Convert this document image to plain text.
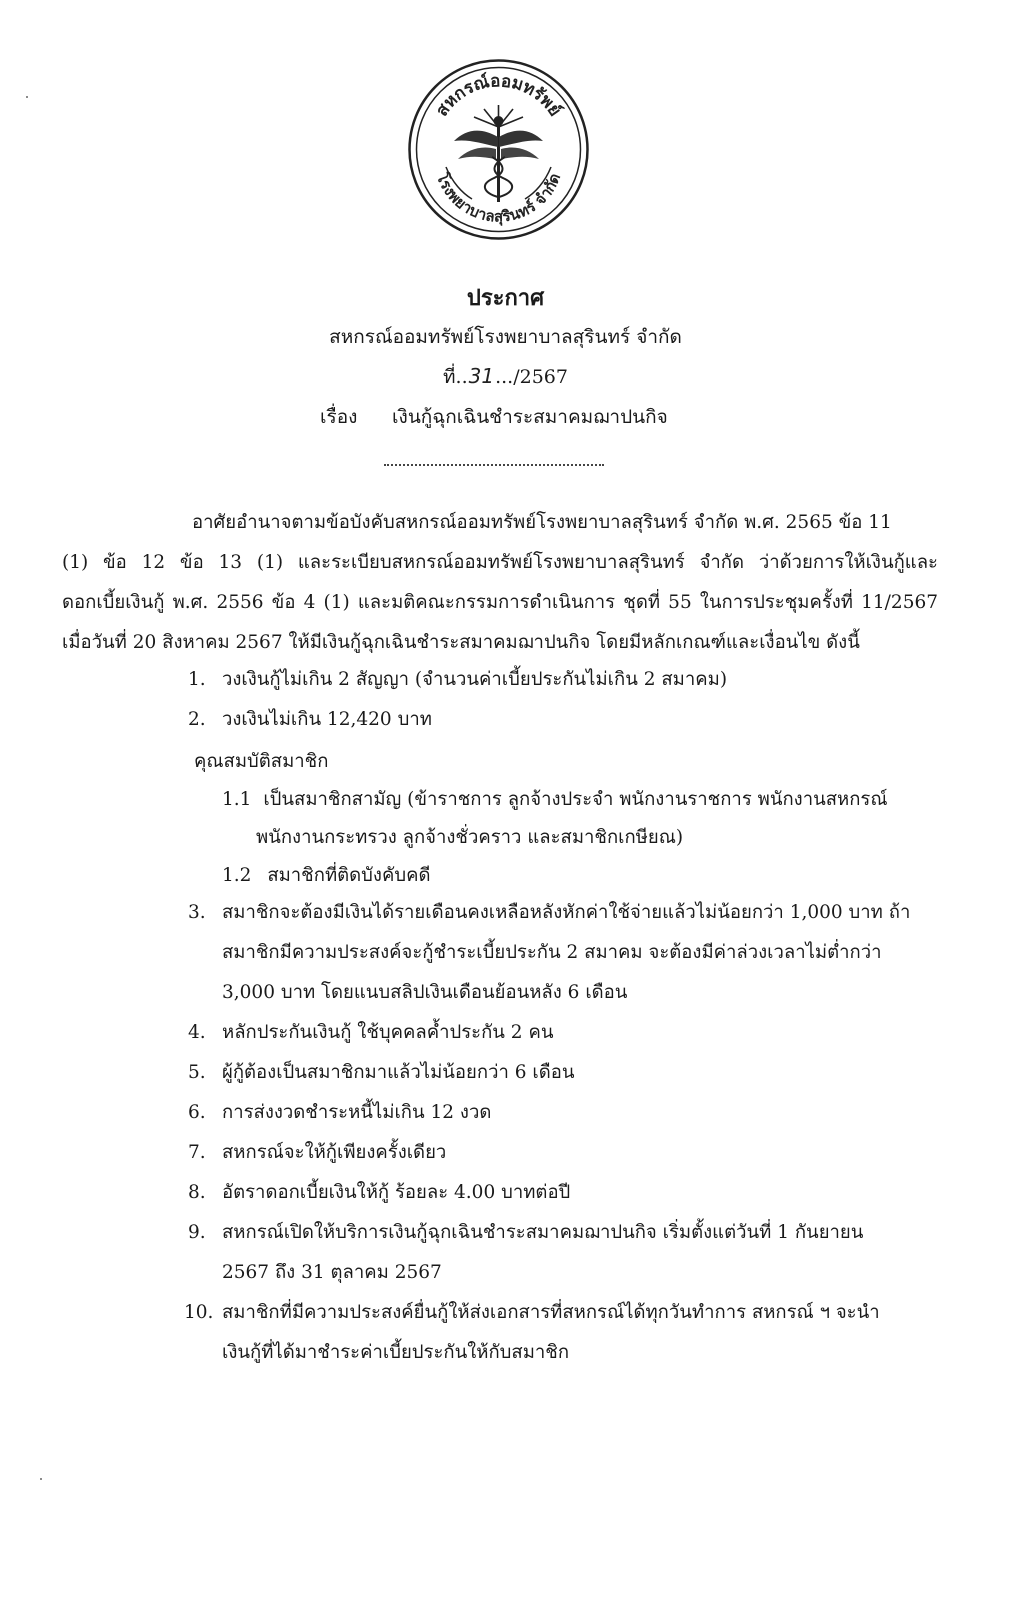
สหกรณ์ออมทรัพย์
โรงพยาบาลสุรินทร์ จำกัด
ประกาศ
สหกรณ์ออมทรัพย์โรงพยาบาลสุรินทร์ จำกัด
ที่..31.../2567
เรื่อง เงินกู้ฉุกเฉินชำระสมาคมฌาปนกิจ
อาศัยอำนาจตามข้อบังคับสหกรณ์ออมทรัพย์โรงพยาบาลสุรินทร์ จำกัด พ.ศ. 2565 ข้อ 11
(1) ข้อ 12 ข้อ 13 (1) และระเบียบสหกรณ์ออมทรัพย์โรงพยาบาลสุรินทร์ จำกัด ว่าด้วยการให้เงินกู้และ
ดอกเบี้ยเงินกู้ พ.ศ. 2556 ข้อ 4 (1) และมติคณะกรรมการดำเนินการ ชุดที่ 55 ในการประชุมครั้งที่ 11/2567
เมื่อวันที่ 20 สิงหาคม 2567 ให้มีเงินกู้ฉุกเฉินชำระสมาคมฌาปนกิจ โดยมีหลักเกณฑ์และเงื่อนไข ดังนี้
1. วงเงินกู้ไม่เกิน 2 สัญญา (จำนวนค่าเบี้ยประกันไม่เกิน 2 สมาคม)
2. วงเงินไม่เกิน 12,420 บาท
คุณสมบัติสมาชิก
1.1 เป็นสมาชิกสามัญ (ข้าราชการ ลูกจ้างประจำ พนักงานราชการ พนักงานสหกรณ์
พนักงานกระทรวง ลูกจ้างชั่วคราว และสมาชิกเกษียณ)
1.2 สมาชิกที่ติดบังคับคดี
3. สมาชิกจะต้องมีเงินได้รายเดือนคงเหลือหลังหักค่าใช้จ่ายแล้วไม่น้อยกว่า 1,000 บาท ถ้า
สมาชิกมีความประสงค์จะกู้ชำระเบี้ยประกัน 2 สมาคม จะต้องมีค่าล่วงเวลาไม่ต่ำกว่า
3,000 บาท โดยแนบสลิปเงินเดือนย้อนหลัง 6 เดือน
4. หลักประกันเงินกู้ ใช้บุคคลค้ำประกัน 2 คน
5. ผู้กู้ต้องเป็นสมาชิกมาแล้วไม่น้อยกว่า 6 เดือน
6. การส่งงวดชำระหนี้ไม่เกิน 12 งวด
7. สหกรณ์จะให้กู้เพียงครั้งเดียว
8. อัตราดอกเบี้ยเงินให้กู้ ร้อยละ 4.00 บาทต่อปี
9. สหกรณ์เปิดให้บริการเงินกู้ฉุกเฉินชำระสมาคมฌาปนกิจ เริ่มตั้งแต่วันที่ 1 กันยายน
2567 ถึง 31 ตุลาคม 2567
10. สมาชิกที่มีความประสงค์ยื่นกู้ให้ส่งเอกสารที่สหกรณ์ได้ทุกวันทำการ สหกรณ์ ฯ จะนำ
เงินกู้ที่ได้มาชำระค่าเบี้ยประกันให้กับสมาชิก
